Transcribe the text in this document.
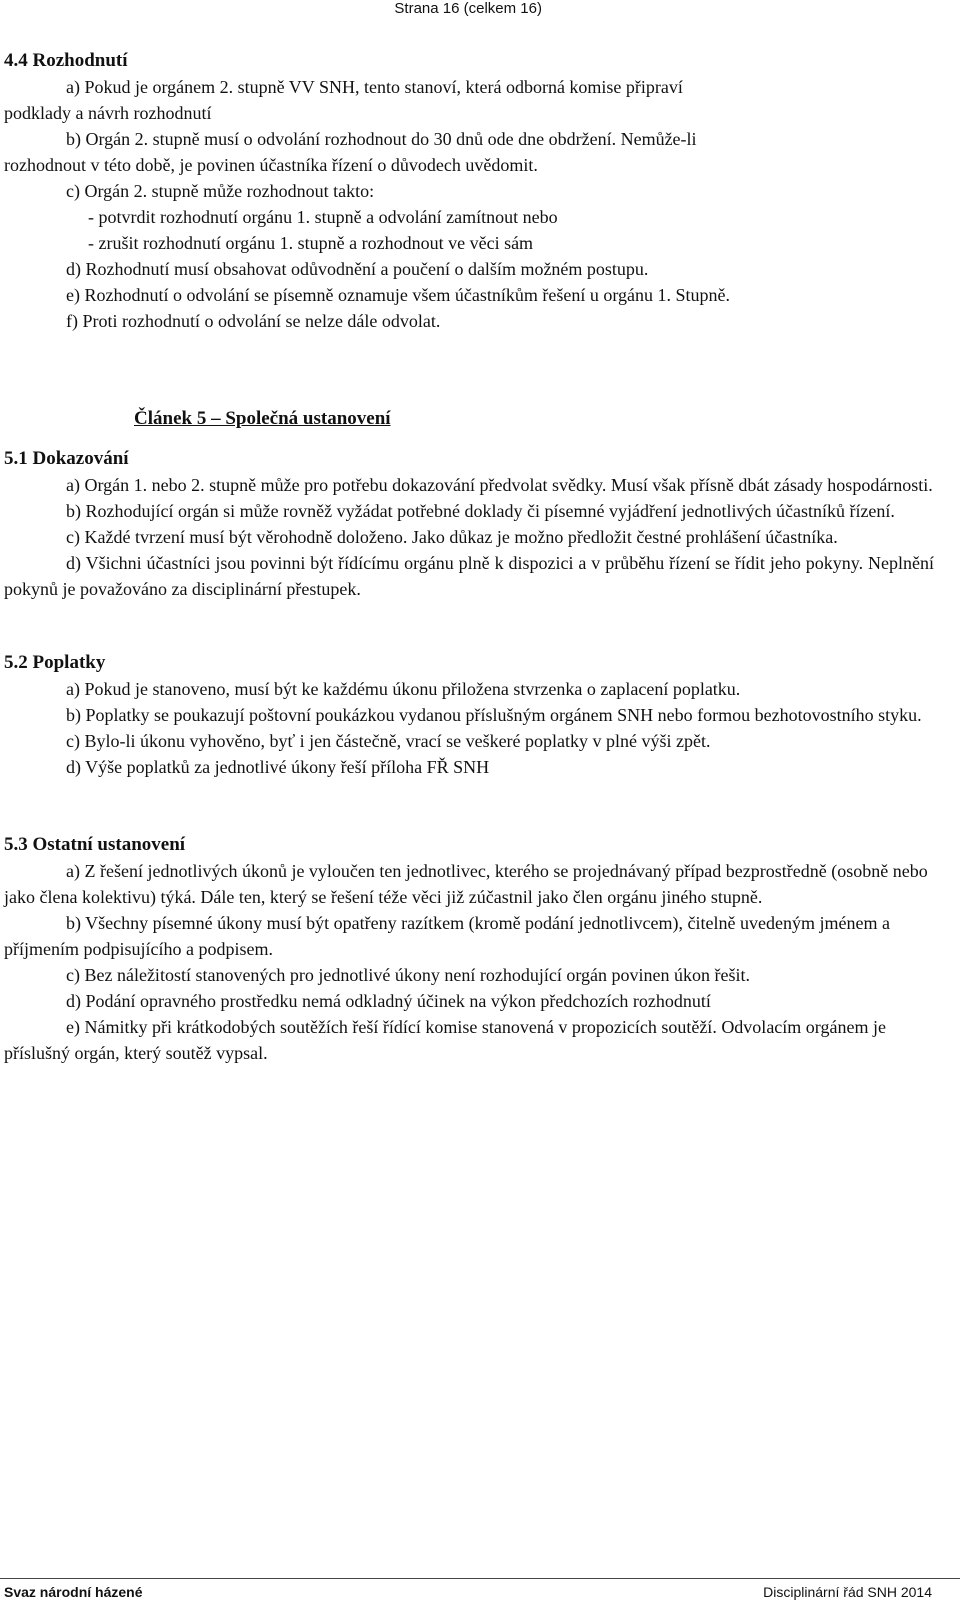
Strana 16 (celkem 16)
4.4 Rozhodnutí
a) Pokud je orgánem 2. stupně VV SNH, tento stanoví, která odborná komise připraví
podklady a návrh rozhodnutí
b) Orgán 2. stupně musí o odvolání rozhodnout do 30 dnů ode dne obdržení. Nemůže-li
rozhodnout v této době, je povinen účastníka řízení o důvodech uvědomit.
c) Orgán 2. stupně může rozhodnout takto:
- potvrdit rozhodnutí orgánu 1. stupně a odvolání zamítnout nebo
- zrušit rozhodnutí orgánu 1. stupně a rozhodnout ve věci sám
d) Rozhodnutí musí obsahovat odůvodnění a poučení o dalším možném postupu.
e) Rozhodnutí o odvolání se písemně oznamuje všem účastníkům řešení u orgánu 1. Stupně.
f) Proti rozhodnutí o odvolání se nelze dále odvolat.
Článek 5 – Společná ustanovení
5.1 Dokazování

a) Orgán 1. nebo 2. stupně může pro potřebu dokazování předvolat svědky. Musí však přísně dbát zásady hospodárnosti.

b) Rozhodující orgán si může rovněž vyžádat potřebné doklady či písemné vyjádření jednotlivých účastníků řízení.

c) Každé tvrzení musí být věrohodně doloženo. Jako důkaz je možno předložit čestné prohlášení účastníka.

d) Všichni účastníci jsou povinni být řídícímu orgánu plně k dispozici a v průběhu řízení se řídit jeho pokyny. Neplnění pokynů je považováno za disciplinární přestupek.

5.2 Poplatky

a) Pokud je stanoveno, musí být ke každému úkonu přiložena stvrzenka o zaplacení poplatku.

b) Poplatky se poukazují poštovní poukázkou vydanou příslušným orgánem SNH nebo formou bezhotovostního styku.

c) Bylo-li úkonu vyhověno, byť i jen částečně, vrací se veškeré poplatky v plné výši zpět.

d) Výše poplatků za jednotlivé úkony řeší příloha FŘ SNH

5.3 Ostatní ustanovení

a) Z řešení jednotlivých úkonů je vyloučen ten jednotlivec, kterého se projednávaný případ bezprostředně (osobně nebo jako člena kolektivu) týká. Dále ten, který se řešení téže věci již zúčastnil jako člen orgánu jiného stupně.

b) Všechny písemné úkony musí být opatřeny razítkem (kromě podání jednotlivcem), čitelně uvedeným jménem a příjmením podpisujícího a podpisem.

c) Bez náležitostí stanovených pro jednotlivé úkony není rozhodující orgán povinen úkon řešit.

d) Podání opravného prostředku nemá odkladný účinek na výkon předchozích rozhodnutí

e) Námitky při krátkodobých soutěžích řeší řídící komise stanovená v propozicích soutěží. Odvolacím orgánem je příslušný orgán, který soutěž vypsal.

Svaz národní házené	Disciplinární řád SNH 2014
